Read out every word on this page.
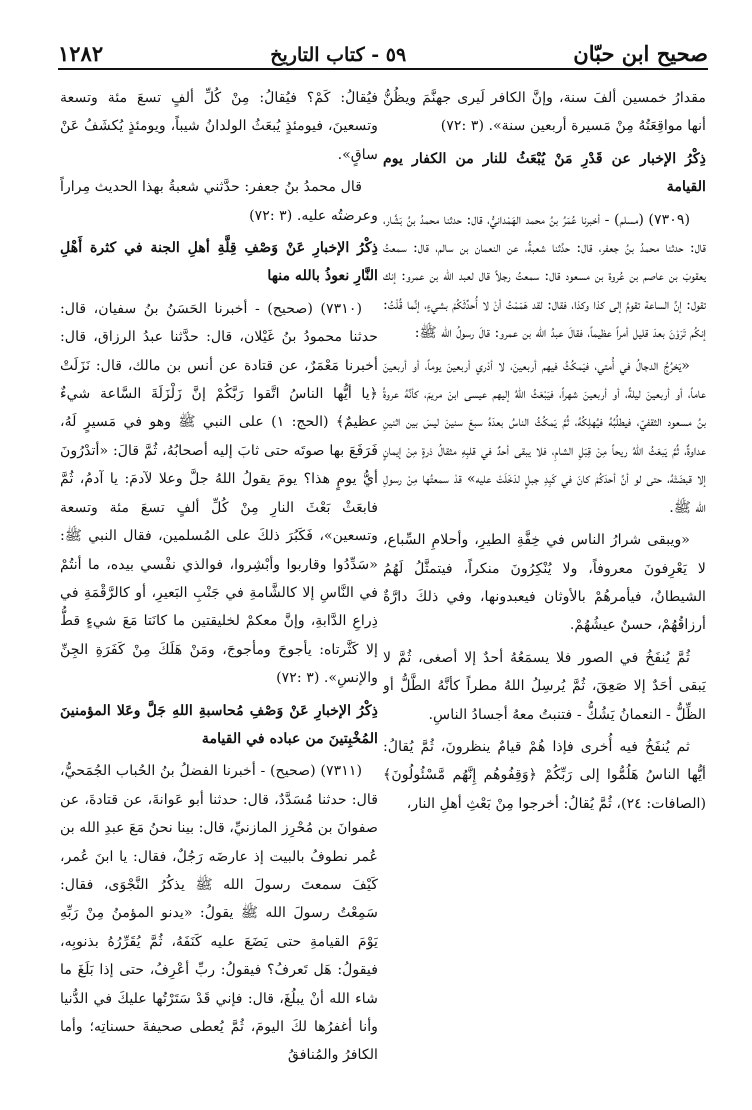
صحيح ابن حبّان
٥٩ - كتاب التاريخ
١٢٨٢

مقدارُ خمسين ألفَ سنة، وإنَّ الكافر لَيرى جهنَّمَ ويظُنُّ أنها مواقِعَتُهُ مِنْ مَسيرة أربعين سنة». (٣ :٧٢)

ذِكْرُ الإخبار عن قَدْرِ مَنْ يُبْعَثُ للنار من الكفار يوم القيامة

(٧٣٠٩) (مسلم) - أخبرنا عُمَرُ بنُ محمد الهَمْدانيُّ، قال: حدثنا محمدُ بنُ بَشَّار، قال: حدثنا محمدُ بنُ جعفر، قال: حدَّثنا شعبةُ، عن النعمان بن سالم، قال: سمعتُ يعقوبَ بن عاصم بن عُروة بن مسعود قال: سمعتُ رجلاً قال لعبد الله بن عمرو: إنك تقول: إنَّ الساعة تقومُ إلى كذا وكذا، فقال: لقد هَمَمْتُ أنْ لا أُحدِّثَكُمْ بشيءٍ، إنَّما قُلْتُ: إنكُم تَرَوْنَ بعدَ قليل أمراً عظيماً، فقالَ عبدُ الله بن عمرو: قالَ رسولُ الله ﷺ:

«يَخرُجُ الدجالُ في أُمتي، فيَمكُثُ فيهم أربعينَ، لا أدْري أربعينَ يوماً، أو أربعينَ عاماً، أو أربعينَ ليلةً، أو أربعينَ شهراً، فيَبْعَثُ اللهُ إليهم عيسى ابنَ مريمَ، كأنَّهُ عروةُ بنُ مسعود الثقفيّ، فيطلُبُهُ فيُهلِكُهُ، ثُمَّ يَمكُثُ الناسُ بعدَهُ سبعَ سنينَ ليسَ بين اثنينِ عداوةٌ، ثُمَّ يَبعَثُ اللهُ ريحاً مِنْ قِبَلِ الشامِ، فلا يبقى أحدٌ في قلبِهِ مثقالُ ذرةٍ مِنْ إيمانٍ إلا قبضَتْهُ، حتى لو أنَّ أحدَكُمْ كانَ في كَبِدِ جبلٍ لدَخَلَتْ عليه» قدْ سمعتُها مِنْ رسولِ الله ﷺ.

«ويبقى شرارُ الناس في خِفَّةِ الطيرِ، وأحلامِ السِّباع، لا يَعْرِفونَ معروفاً، ولا يُنْكِرُونَ منكراً، فيتمثَّلُ لَهُمُ الشيطانُ، فيأمرهُمْ بالأوثان فيعبدونها، وفي ذلكَ دارَّةٌ أرزاقُهُمْ، حسنٌ عيشُهُمْ.

ثُمَّ يُنفَخُ في الصور فلا يسمَعُهُ أحدٌ إلا أصغى، ثُمَّ لا يَبقى أحَدٌ إلا صَعِقَ، ثُمَّ يُرسِلُ اللهُ مطراً كأنَّهُ الطَّلُّ أو الظِّلُّ - النعمانُ يَشُكُّ - فتنبتُ معهُ أجسادُ الناسِ.

ثم يُنفَخُ فيه أُخرى فإذا هُمْ قيامٌ ينظرونَ، ثُمَّ يُقالُ: أيُّها الناسُ هَلُمُّوا إلى رَبِّكُمْ ﴿وَقِفُوهُم إِنَّهُم مَّسْئُولُونَ﴾ (الصافات: ٢٤)، ثُمَّ يُقالُ: أخرجوا مِنْ بَعْثِ أهلِ النار،

فيُقالُ: كَمْ؟ فيُقالُ: مِنْ كُلِّ ألفٍ تسعَ مئة وتسعة وتسعينَ، فيومئذٍ يُبعَثُ الولدانُ شيباً، ويومئذٍ يُكشَفُ عَنْ ساقٍ».

قال محمدُ بنُ جعفر: حدَّثني شعبةُ بهذا الحديث مِراراً وعرضتُه عليه. (٣ :٧٢)

ذِكْرُ الإخبارِ عَنْ وَصْفِ قِلَّةِ أهلِ الجنة في كثرة أَهْلِ النَّارِ نعوذُ بالله منها

(٧٣١٠) (صحيح) - أخبرنا الحَسَنُ بنُ سفيان، قال: حدثنا محمودُ بنُ غَيْلان، قال: حدَّثنا عبدُ الرزاق، قال: أخبرنا مَعْمَرٌ، عن قتادة عن أنس بن مالك، قال: نَزَلَتْ ﴿يا أيُّها الناسُ اتَّقوا رَبَّكُمْ إنَّ زَلْزَلَةَ السَّاعة شيءٌ عظيمٌ﴾ (الحج: ١) على النبي ﷺ وهو في مَسيرٍ لَهُ، فَرَفَعَ بها صوتَه حتى ثابَ إليه أصحابُهُ، ثُمَّ قالَ: «أتدْرُونَ أيُّ يومٍ هذا؟ يومَ يقولُ اللهُ جلَّ وعلا لآدمَ: يا آدمُ، ثُمَّ فابعَثْ بَعْثَ النارِ مِنْ كُلِّ ألفٍ تسعَ مئة وتسعة وتسعين»، فَكَبُرَ ذلكَ على المُسلمين، فقال النبي ﷺ: «سَدِّدُوا وقاربوا وأبْشِروا، فوالذي نفْسي بيده، ما أنتُمْ في النَّاسِ إلا كالشَّامةِ في جَنْبِ البَعيرِ، أو كالرَّقْمَةِ في ذِراعِ الدَّابةِ، وإنَّ معكمْ لخليقتين ما كانَتا مَعَ شيءٍ قطُّ إلا كَثَّرتاه: يأجوجَ ومأجوجَ، ومَنْ هَلَكَ مِنْ كَفَرَةِ الجِنِّ والإنسِ». (٣ :٧٢)

ذِكْرُ الإخبارِ عَنْ وَصْفِ مُحاسبةِ اللهِ جَلَّ وعَلا المؤمنينَ المُخْبِتينَ من عباده في القيامة

(٧٣١١) (صحيح) - أخبرنا الفضلُ بنُ الحُباب الجُمَحيُّ، قال: حدثنا مُسَدَّدٌ، قال: حدثنا أبو عَوانةَ، عن قتادةَ، عن صفوانَ بن مُحْرِز المازنيِّ، قال: بينا نحنُ مَعَ عبدِ الله بن عُمر نطوفُ بالبيت إذ عارضَه رَجُلٌ، فقال: يا ابنَ عُمر، كَيْفَ سمعتَ رسولَ الله ﷺ يذكُرُ النَّجْوَى، فقال: سَمِعْتُ رسولَ الله ﷺ يقولُ: «يدنو المؤمنُ مِنْ رَبِّهِ يَوْمَ القيامةِ حتى يَضَعَ عليه كَنَفَهُ، ثُمَّ يُقَرِّرُهُ بذنوبِه، فيقولُ: هَل تَعرفُ؟ فيقولُ: ربِّ أعْرِفُ، حتى إذا بَلَغَ ما شاء الله أنْ يبلُغَ، قال: فإني قَدْ سَتَرْتُها عليكَ في الدُّنيا وأنا أغفرُها لكَ اليومَ، ثُمَّ يُعطى صحيفةَ حسناتِه؛ وأما الكافرُ والمُنافقُ
